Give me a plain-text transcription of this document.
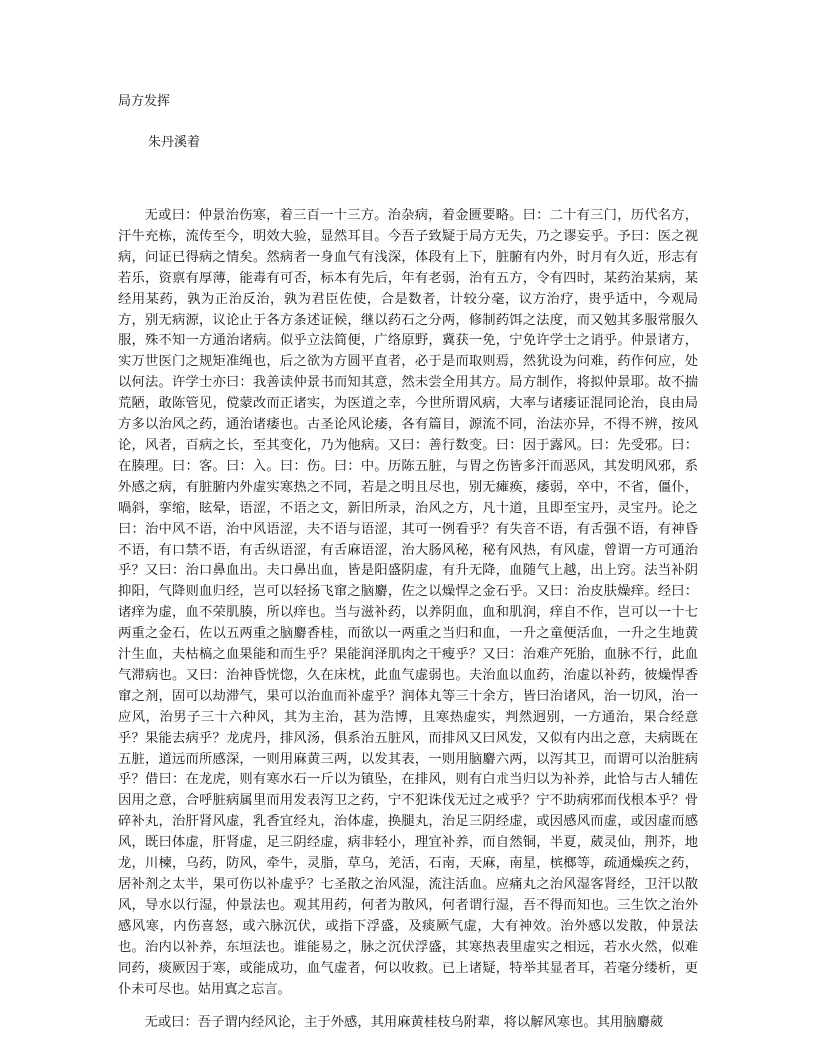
局方发挥
朱丹溪着

无或曰：仲景治伤寒，着三百一十三方。治杂病，着金匮要略。曰：二十有三门，历代名方，汗牛充栋，流传至今，明效大验，显然耳目。今吾子致疑于局方无失，乃之谬妄乎。予曰：医之视病，问证已得病之情矣。然病者一身血气有浅深，体段有上下，脏腑有内外，时月有久近，形志有若乐，资禀有厚薄，能毒有可否，标本有先后，年有老弱，治有五方，令有四时，某药治某病，某经用某药，孰为正治反治，孰为君臣佐使，合是数者，计较分毫，议方治疗，贵乎适中，今观局方，别无病源，议论止于各方条述证候，继以药石之分两，修制药饵之法度，而又勉其多服常服久服，殊不知一方通治诸病。似乎立法简便，广络原野，冀获一免，宁免许学士之诮乎。仲景诸方，实万世医门之规矩准绳也，后之欲为方圆平直者，必于是而取则焉，然犹设为问难，药作何应，处以何法。许学士亦曰：我善读仲景书而知其意，然未尝全用其方。局方制作，将拟仲景耶。故不揣荒陋，敢陈管见，傥蒙改而正诸实，为医道之幸，今世所谓风病，大率与诸痿证混同论治，良由局方多以治风之药，通治诸痿也。古圣论风论痿，各有篇目，源流不同，治法亦异，不得不辨，按风论，风者，百病之长，至其变化，乃为他病。又曰：善行数变。曰：因于露风。曰：先受邪。曰：在腠理。曰：客。曰：入。曰：伤。曰：中。历陈五脏，与胃之伤皆多汗而恶风，其发明风邪，系外感之病，有脏腑内外虚实寒热之不同，若是之明且尽也，别无瘫痪，痿弱，卒中，不省，僵仆，喎斜，挛缩，眩晕，语涩，不语之文，新旧所录，治风之方，凡十道，且即至宝丹，灵宝丹。论之曰：治中风不语，治中风语涩，夫不语与语涩，其可一例看乎？有失音不语，有舌强不语，有神昏不语，有口禁不语，有舌纵语涩，有舌麻语涩，治大肠风秘，秘有风热，有风虚，曾谓一方可通治乎？又曰：治口鼻血出。夫口鼻出血，皆是阳盛阴虚，有升无降，血随气上越，出上窍。法当补阴抑阳，气降则血归经，岂可以轻扬飞窜之脑麝，佐之以燥悍之金石乎。又曰：治皮肤燥痒。经曰：诸痒为虚，血不荣肌腠，所以痒也。当与滋补药，以养阴血，血和肌润，痒自不作，岂可以一十七两重之金石，佐以五两重之脑麝香桂，而欲以一两重之当归和血，一升之童便活血，一升之生地黄汁生血，夫枯槁之血果能和而生乎？果能润泽肌肉之干瘦乎？又曰：治难产死胎，血脉不行，此血气滞病也。又曰：治神昏恍惚，久在床枕，此血气虚弱也。夫治血以血药，治虚以补药，彼燥悍香窜之剂，固可以劫滞气，果可以治血而补虚乎？润体丸等三十余方，皆曰治诸风，治一切风，治一应风，治男子三十六种风，其为主治，甚为浩博，且寒热虚实，判然迥别，一方通治，果合经意乎？果能去病乎？龙虎丹，排风汤，俱系治五脏风，而排风又曰风发，又似有内出之意，夫病既在五脏，道远而所感深，一则用麻黄三两，以发其表，一则用脑麝六两，以泻其卫，而谓可以治脏病乎？借曰：在龙虎，则有寒水石一斤以为镇坠，在排风，则有白朮当归以为补养，此恰与古人辅佐因用之意，合呼脏病属里而用发表泻卫之药，宁不犯诛伐无过之戒乎？宁不助病邪而伐根本乎？骨碎补丸，治肝肾风虚，乳香宜经丸，治体虚，换腿丸，治足三阴经虚，或因感风而虚，或因虚而感风，既曰体虚，肝肾虚，足三阴经虚，病非轻小，理宜补养，而自然铜，半夏，葳灵仙，荆芥，地龙，川楝，乌药，防风，牵牛，灵脂，草乌，羌活，石南，天麻，南星，槟榔等，疏通燥疾之药，居补剂之太半，果可伤以补虚乎？七圣散之治风湿，流注活血。应痛丸之治风湿客肾经，卫汗以散风，导水以行湿，仲景法也。观其用药，何者为散风，何者谓行湿，吾不得而知也。三生饮之治外感风寒，内伤喜怒，或六脉沉伏，或指下浮盛，及痰厥气虚，大有神效。治外感以发散，仲景法也。治内以补养，东垣法也。谁能易之，脉之沉伏浮盛，其寒热表里虚实之相远，若水火然，似难同药，痰厥因于寒，或能成功，血气虚者，何以收救。已上诸疑，特举其显者耳，若毫分缕析，更仆未可尽也。姑用寘之忘言。

无或曰：吾子谓内经风论，主于外感，其用麻黄桂枝乌附辈，将以解风寒也。其用脑麝葳
